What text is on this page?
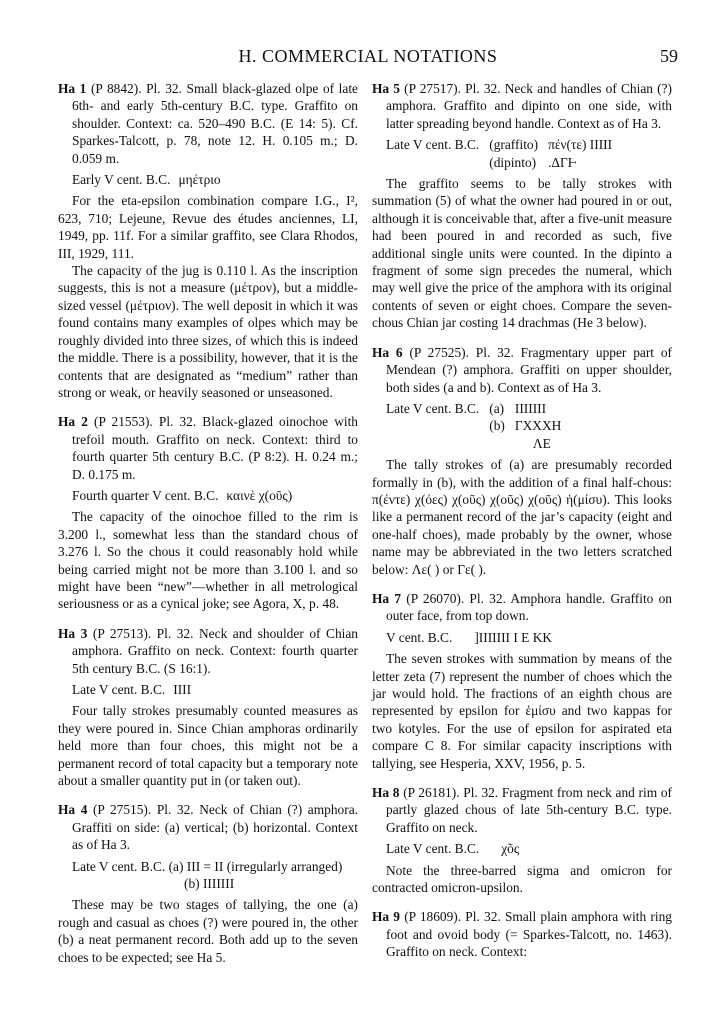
H. COMMERCIAL NOTATIONS	59

Ha 1 (P 8842). Pl. 32. Small black-glazed olpe of late 6th- and early 5th-century B.C. type. Graffito on shoulder. Context: ca. 520–490 B.C. (E 14: 5). Cf. Sparkes-Talcott, p. 78, note 12. H. 0.105 m.; D. 0.059 m.

Early V cent. B.C. μηέτριο

For the eta-epsilon combination compare I.G., I², 623, 710; Lejeune, Revue des études anciennes, LI, 1949, pp. 11f. For a similar graffito, see Clara Rhodos, III, 1929, 111.

The capacity of the jug is 0.110 l. As the inscription suggests, this is not a measure (μέτρον), but a middle-sized vessel (μέτριον). The well deposit in which it was found contains many examples of olpes which may be roughly divided into three sizes, of which this is indeed the middle. There is a possibility, however, that it is the contents that are designated as “medium” rather than strong or weak, or heavily seasoned or unseasoned.

Ha 2 (P 21553). Pl. 32. Black-glazed oinochoe with trefoil mouth. Graffito on neck. Context: third to fourth quarter 5th century B.C. (P 8:2). H. 0.24 m.; D. 0.175 m.

Fourth quarter V cent. B.C. καινὲ χ(οῦς)

The capacity of the oinochoe filled to the rim is 3.200 l., somewhat less than the standard chous of 3.276 l. So the chous it could reasonably hold while being carried might not be more than 3.100 l. and so might have been “new”—whether in all metrological seriousness or as a cynical joke; see Agora, X, p. 48.

Ha 3 (P 27513). Pl. 32. Neck and shoulder of Chian amphora. Graffito on neck. Context: fourth quarter 5th century B.C. (S 16:1).

Late V cent. B.C. IIII

Four tally strokes presumably counted measures as they were poured in. Since Chian amphoras ordinarily held more than four choes, this might not be a permanent record of total capacity but a temporary note about a smaller quantity put in (or taken out).

Ha 4 (P 27515). Pl. 32. Neck of Chian (?) amphora. Graffiti on side: (a) vertical; (b) horizontal. Context as of Ha 3.

Late V cent. B.C. (a) III = II (irregularly arranged)
(b) IIIIIII

These may be two stages of tallying, the one (a) rough and casual as choes (?) were poured in, the other (b) a neat permanent record. Both add up to the seven choes to be expected; see Ha 5.

Ha 5 (P 27517). Pl. 32. Neck and handles of Chian (?) amphora. Graffito and dipinto on one side, with latter spreading beyond handle. Context as of Ha 3.

Late V cent. B.C. (graffito) πέν(τε) IIIII
(dipinto) .ΔΓⱵ

The graffito seems to be tally strokes with summation (5) of what the owner had poured in or out, although it is conceivable that, after a five-unit measure had been poured in and recorded as such, five additional single units were counted. In the dipinto a fragment of some sign precedes the numeral, which may well give the price of the amphora with its original contents of seven or eight choes. Compare the seven-chous Chian jar costing 14 drachmas (He 3 below).

Ha 6 (P 27525). Pl. 32. Fragmentary upper part of Mendean (?) amphora. Graffiti on upper shoulder, both sides (a and b). Context as of Ha 3.

Late V cent. B.C. (a) IIIIIII
(b) ΓΧΧΧΗ
ΛΕ

The tally strokes of (a) are presumably recorded formally in (b), with the addition of a final half-chous: π(έντε) χ(όες) χ(οῦς) χ(οῦς) χ(οῦς) ἡ(μίσυ). This looks like a permanent record of the jar’s capacity (eight and one-half choes), made probably by the owner, whose name may be abbreviated in the two letters scratched below: Λε( ) or Γε( ).

Ha 7 (P 26070). Pl. 32. Amphora handle. Graffito on outer face, from top down.

V cent. B.C. ]IIIIIII Ι Ε ΚΚ

The seven strokes with summation by means of the letter zeta (7) represent the number of choes which the jar would hold. The fractions of an eighth chous are represented by epsilon for ἑμίσυ and two kappas for two kotyles. For the use of epsilon for aspirated eta compare C 8. For similar capacity inscriptions with tallying, see Hesperia, XXV, 1956, p. 5.

Ha 8 (P 26181). Pl. 32. Fragment from neck and rim of partly glazed chous of late 5th-century B.C. type. Graffito on neck.

Late V cent. B.C. χõς

Note the three-barred sigma and omicron for contracted omicron-upsilon.

Ha 9 (P 18609). Pl. 32. Small plain amphora with ring foot and ovoid body (= Sparkes-Talcott, no. 1463). Graffito on neck. Context:
